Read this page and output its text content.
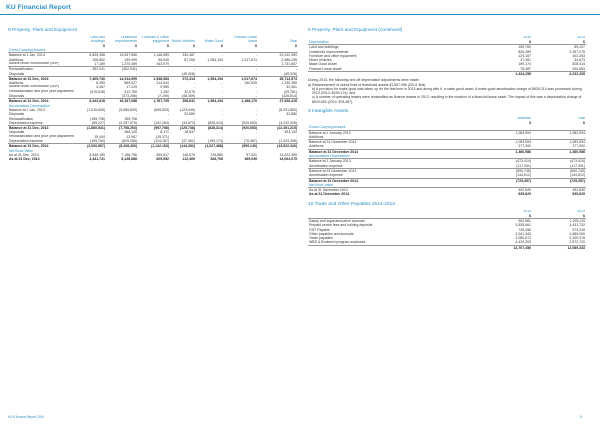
KU Financial Report
8 Property, Plant and Equipment
	Land and buildings	Leasehold improvements	Furniture & Office equipment	Motor Vehicles	Make Good	Finance Lease Asset	Total
	$	$	$	$	$	$	$
Gross Carrying Amount							
Balance at 1 Jan, 2013	6,825,358	13,837,856	1,148,659	230,487	-	-	22,042,960
Additions	108,852	159,995	56,545	87,255	1,554,194	1,017,674	2,986,295
Assets under construction (WIP)	17,189	1,370,089	343,579	-	-	-	1,731,667
Reclassification	452,941	(452,941)	-	-	-	-	-
Disposals	-	-	-	(45,328)	-	-	(45,328)
Balance at 31 Dec, 2013	7,405,730	14,914,999	1,548,583	272,414	1,554,194	1,017,674	26,713,574
Additions	8,359	865,527	214,944	-	-	150,525	1,239,355
Assets under construction (WIP)	4,467	17,229	9,985	-	-	-	32,061
Reclassification and prior year adjustment	(976,518)	912,789	1,392	32,576	-	-	(29,781)
Disposals	-	(373,256)	(7,199)	(48,359)	-	-	(428,814)
Balance at 31 Dec, 2014	6,442,618	16,337,088	1,767,705	256,631	1,554,194	1,168,179	27,526,415
Accumulated Depreciation							
Balance at 1 Jan, 2013	(1,615,606)	(5,656,839)	(695,503)	(123,945)	-	-	(8,291,880)
Disposals	-	-	-	32,880	-	-	32,880
Reclassification	(155,708)	155,708	-	-	-	-	-
Depreciation expense	(89,227)	(2,257,079)	(102,263)	(34,673)	(828,314)	(920,653)	(4,232,205)
Balance at 31 Dec, 2013	(1,860,541)	(7,758,203)	(997,766)	(125,738)	(828,314)	(920,653)	(12,491,215)
Disposals	-	366,125	8,171	18,837	-	-	393,133
Reclassification and prior year adjustment	15,404	12,967	(28,371)	-	-	-	-
Depreciation expense	(155,760)	(829,289)	(124,187)	(37,361)	(199,174)	(78,487)	(1,424,258)
Balance at 31 Dec, 2014	(2,000,897)	(8,208,400)	(1,142,153)	(144,262)	(1,027,488)	(999,140)	(13,522,340)
Net Book Value							
As at 31 Dec, 2013	5,545,189	7,156,796	550,817	146,676	725,880	97,001	14,222,359
As at 31 Dec, 2014	4,441,721	8,128,688	625,552	112,369	526,706	169,039	14,004,075
8 Property, Plant and Equipment (continued)
	2014	2013
Depreciation	$	$
Land and buildings	155,760	89,227
Leasehold Improvements	829,289	2,257,075
Furniture and office equipment	124,187	102,263
Motor vehicles	37,361	34,673
Make Good Asset	199,174	828,314
Finance Lease Asset	78,487	920,653
	1,424,258	4,232,205

During 2013, the following one-off depreciation adjustments were made:

a) Reassessment of useful lives of leasehold assets $1,557,966 (2014: $nil)

b) A provision for make good was taken up for the first time in 2013 and along with it, a make good asset. A make good amortisation charge of $628,314 was processed during 2013 (2014: $199,174); and

c) A number of operating leases were reclassified as finance leases in 2013, resulting in the creation of a financial lease asset. The impact of this was a depreciation charge of $920,653 (2014: $78,487).

9 Intangible Assets
	Software	Total
	$	$
Gross Carrying Amount		
Balance at 1 January 2013	1,083,594	1,083,594
Additions	-	-
Balance at 31 December 2013	1,083,594	1,083,594
Additions	277,392	277,392
Balance at 31 December 2014	1,360,986	1,360,986
Accumulated Depreciation		
Balance at 1 January 2013	(473,414)	(473,414)
Amortisation expense	(117,331)	(117,331)
Balance at 31 December 2013	(590,745)	(590,745)
Amortisation expense	(134,612)	(134,612)
Balance at 31 December 2014	(725,357)	(725,357)
Net Book Value		
As at 31 December 2013	492,849	492,849
As at 31 December 2014	635,629	635,629
10 Trade and Other Payables 2014-2013
	2014	2013
	$	$
Salary and superannuation accruals	902,981	1,293,119
Prepaid centre fees and holding deposits	3,535,661	3,431,732
GST Payable	726,496	573,315
Other payables and accruals	2,041,343	1,689,069
Trade payables	2,080,672	2,209,378
WBS & Brokered program surpluses	4,420,303	2,872,720
	13,707,456	12,069,333
KU 6 Annual Report 2014	8
